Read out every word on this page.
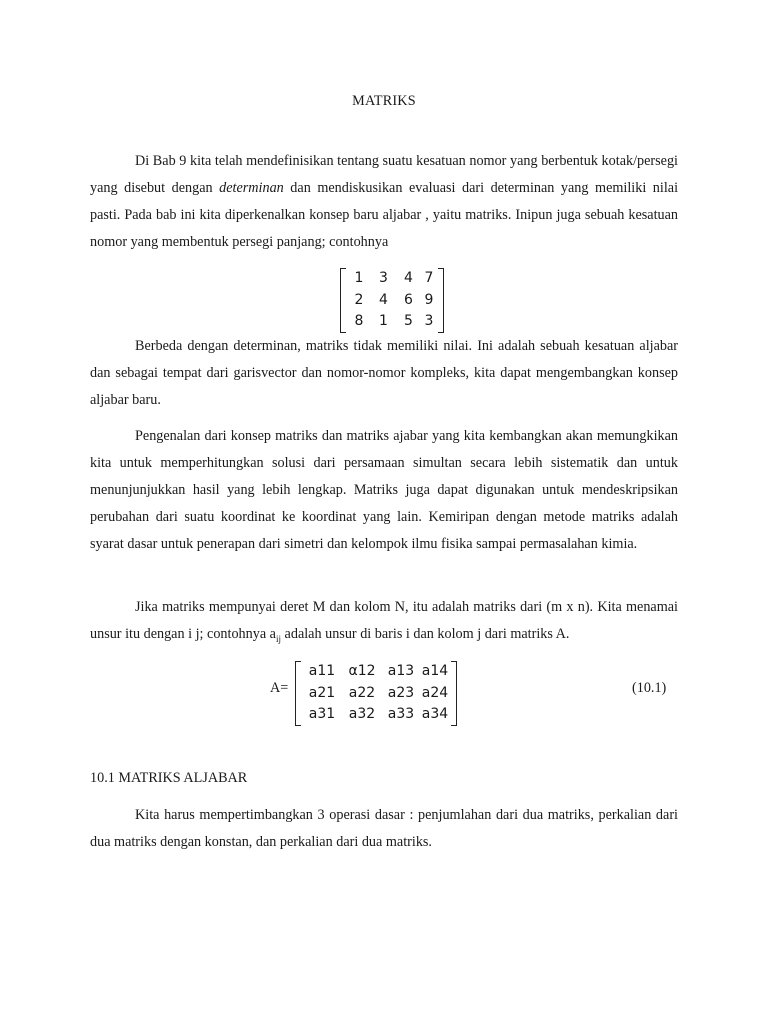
MATRIKS

Di Bab 9 kita telah mendefinisikan tentang suatu kesatuan nomor yang berbentuk kotak/persegi yang disebut dengan determinan dan mendiskusikan evaluasi dari determinan yang memiliki nilai pasti. Pada bab ini kita diperkenalkan konsep baru aljabar , yaitu matriks. Inipun juga sebuah kesatuan nomor yang membentuk persegi panjang; contohnya

1	3	4 7
2	4	6 9
8	1	5 3

Berbeda dengan determinan, matriks tidak memiliki nilai. Ini adalah sebuah kesatuan aljabar dan sebagai tempat dari garisvector dan nomor-nomor kompleks, kita dapat mengembangkan konsep aljabar baru.

Pengenalan dari konsep matriks dan matriks ajabar yang kita kembangkan akan memungkikan kita untuk memperhitungkan solusi dari persamaan simultan secara lebih sistematik dan untuk menunjunjukkan hasil yang lebih lengkap. Matriks juga dapat digunakan untuk mendeskripsikan perubahan dari suatu koordinat ke koordinat yang lain. Kemiripan dengan metode matriks adalah syarat dasar untuk penerapan dari simetri dan kelompok ilmu fisika sampai permasalahan kimia.

Jika matriks mempunyai deret M dan kolom N, itu adalah matriks dari (m x n). Kita menamai unsur itu dengan i j; contohnya $a_{ij}$ adalah unsur di baris i dan kolom j dari matriks A.

A=
a11 α12 a13 a14
a21 a22 a23 a24
a31 a32 a33 a34
(10.1)
10.1 MATRIKS ALJABAR

Kita harus mempertimbangkan 3 operasi dasar : penjumlahan dari dua matriks, perkalian dari dua matriks dengan konstan, dan perkalian dari dua matriks.
